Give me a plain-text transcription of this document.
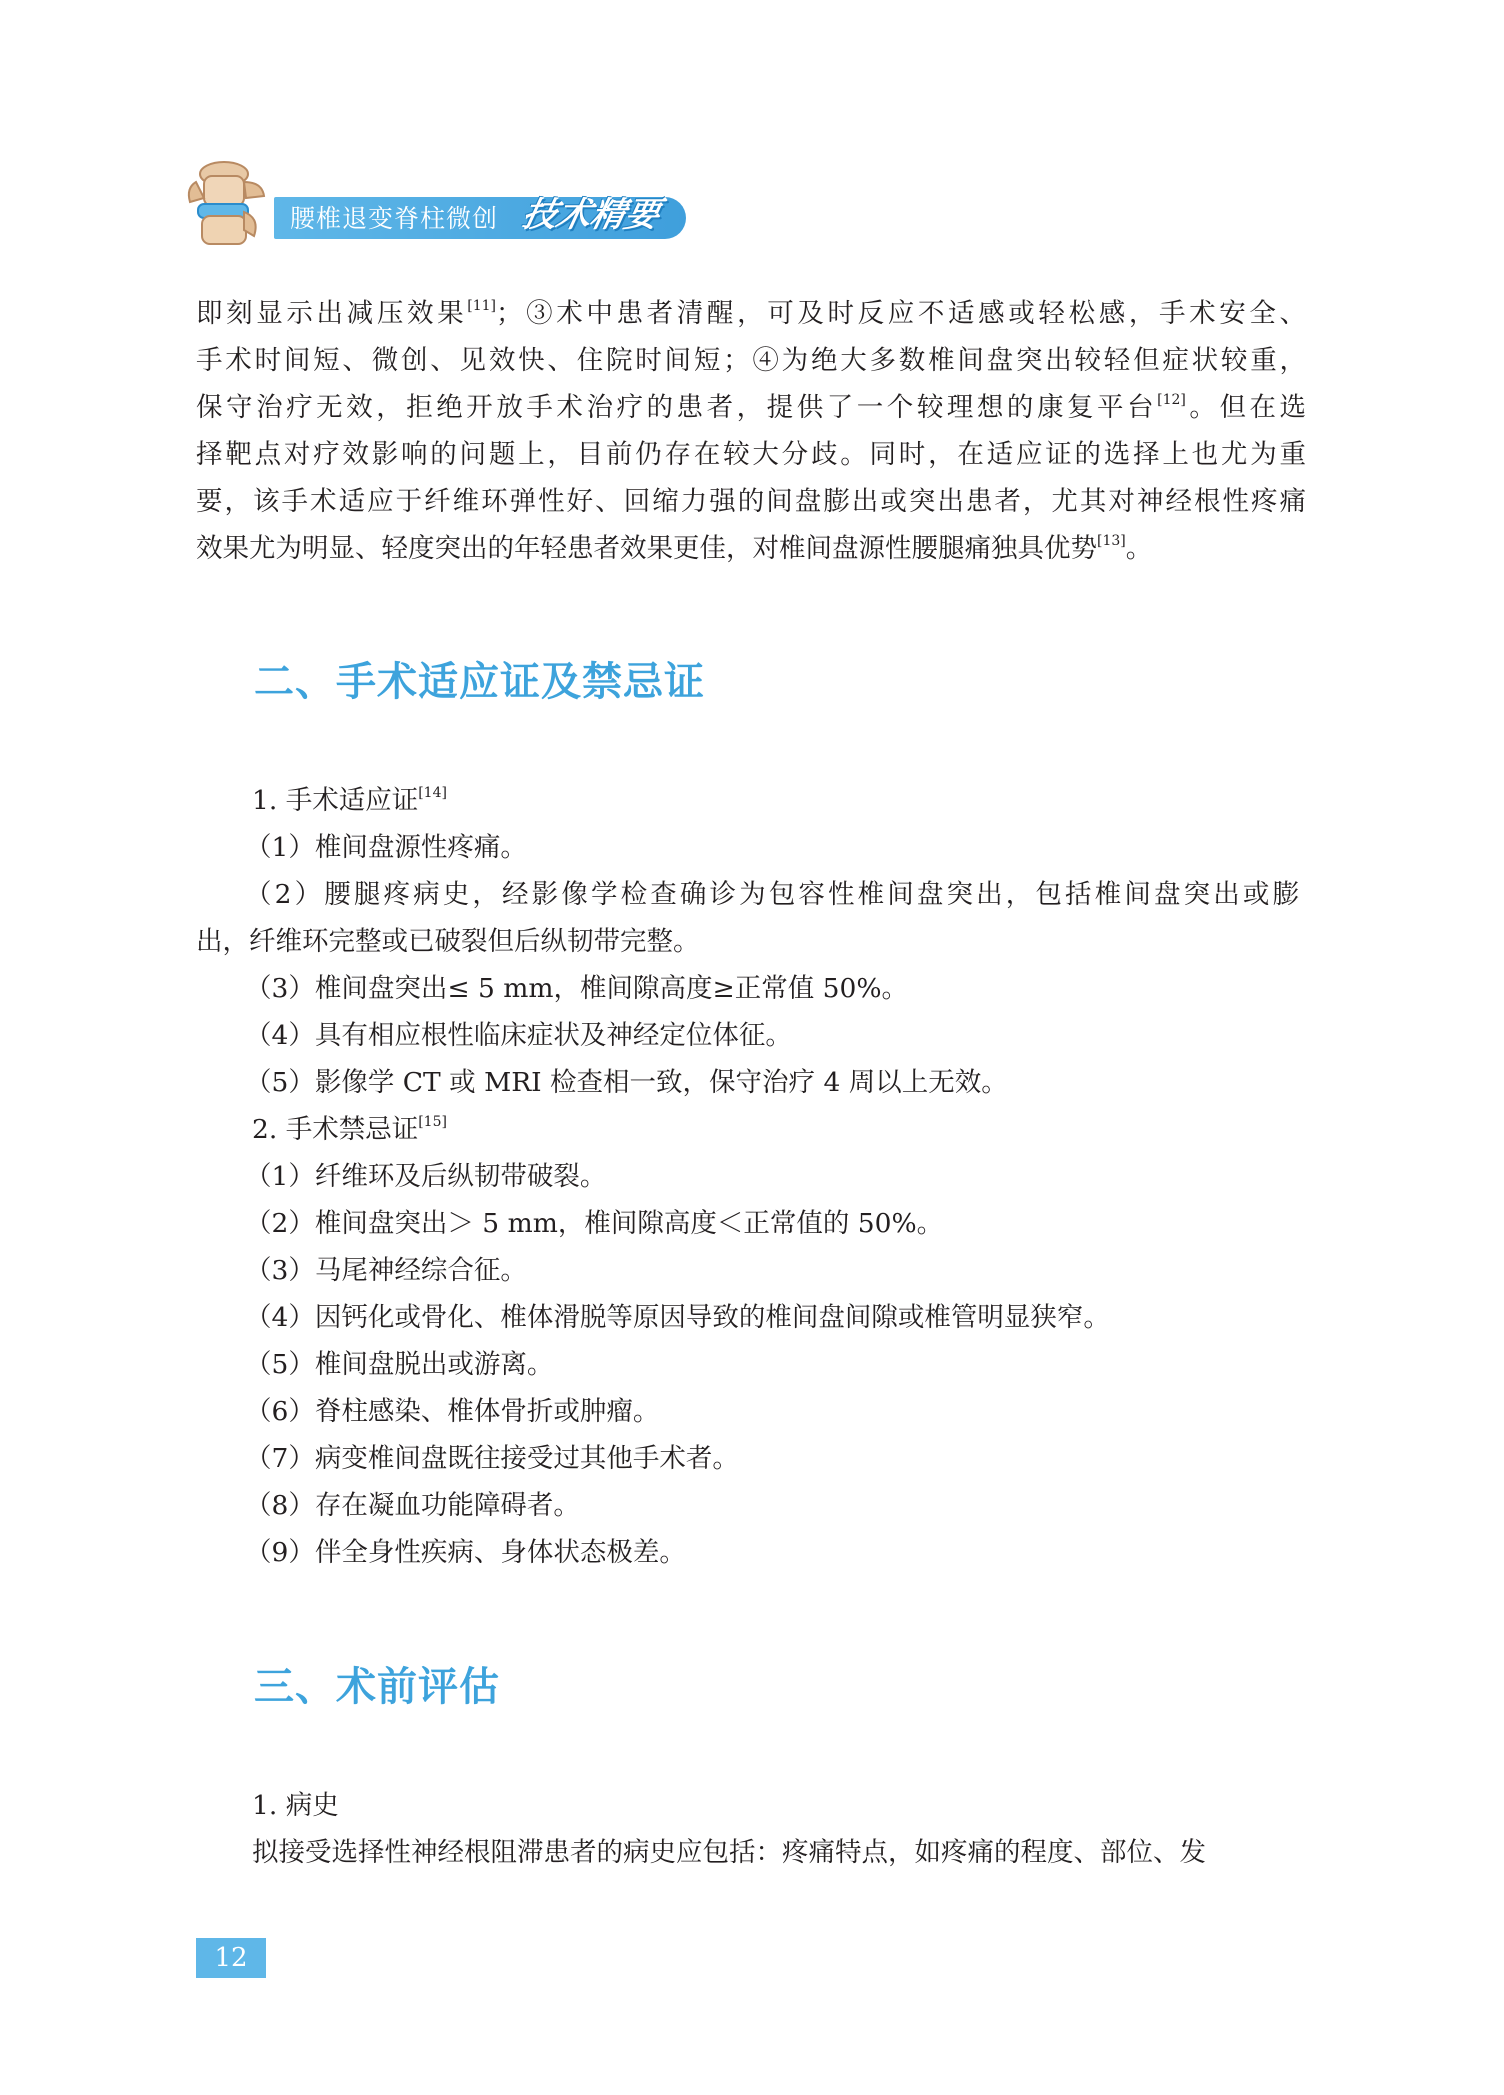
腰椎退变脊柱微创 技术精要
即刻显示出减压效果[11]；③术中患者清醒，可及时反应不适感或轻松感，手术安全、
手术时间短、微创、见效快、住院时间短；④为绝大多数椎间盘突出较轻但症状较重，
保守治疗无效，拒绝开放手术治疗的患者，提供了一个较理想的康复平台[12]。但在选
择靶点对疗效影响的问题上，目前仍存在较大分歧。同时，在适应证的选择上也尤为重
要，该手术适应于纤维环弹性好、回缩力强的间盘膨出或突出患者，尤其对神经根性疼痛
效果尤为明显、轻度突出的年轻患者效果更佳，对椎间盘源性腰腿痛独具优势[13]。
二、手术适应证及禁忌证

1. 手术适应证[14]

（1）椎间盘源性疼痛。

（2）腰腿疼病史，经影像学检查确诊为包容性椎间盘突出，包括椎间盘突出或膨
出，纤维环完整或已破裂但后纵韧带完整。

（3）椎间盘突出≤ 5 mm，椎间隙高度≥正常值 50%。

（4）具有相应根性临床症状及神经定位体征。

（5）影像学 CT 或 MRI 检查相一致，保守治疗 4 周以上无效。

2. 手术禁忌证[15]

（1）纤维环及后纵韧带破裂。

（2）椎间盘突出＞ 5 mm，椎间隙高度＜正常值的 50%。

（3）马尾神经综合征。

（4）因钙化或骨化、椎体滑脱等原因导致的椎间盘间隙或椎管明显狭窄。

（5）椎间盘脱出或游离。

（6）脊柱感染、椎体骨折或肿瘤。

（7）病变椎间盘既往接受过其他手术者。

（8）存在凝血功能障碍者。

（9）伴全身性疾病、身体状态极差。

三、术前评估

1. 病史

拟接受选择性神经根阻滞患者的病史应包括：疼痛特点，如疼痛的程度、部位、发

12
